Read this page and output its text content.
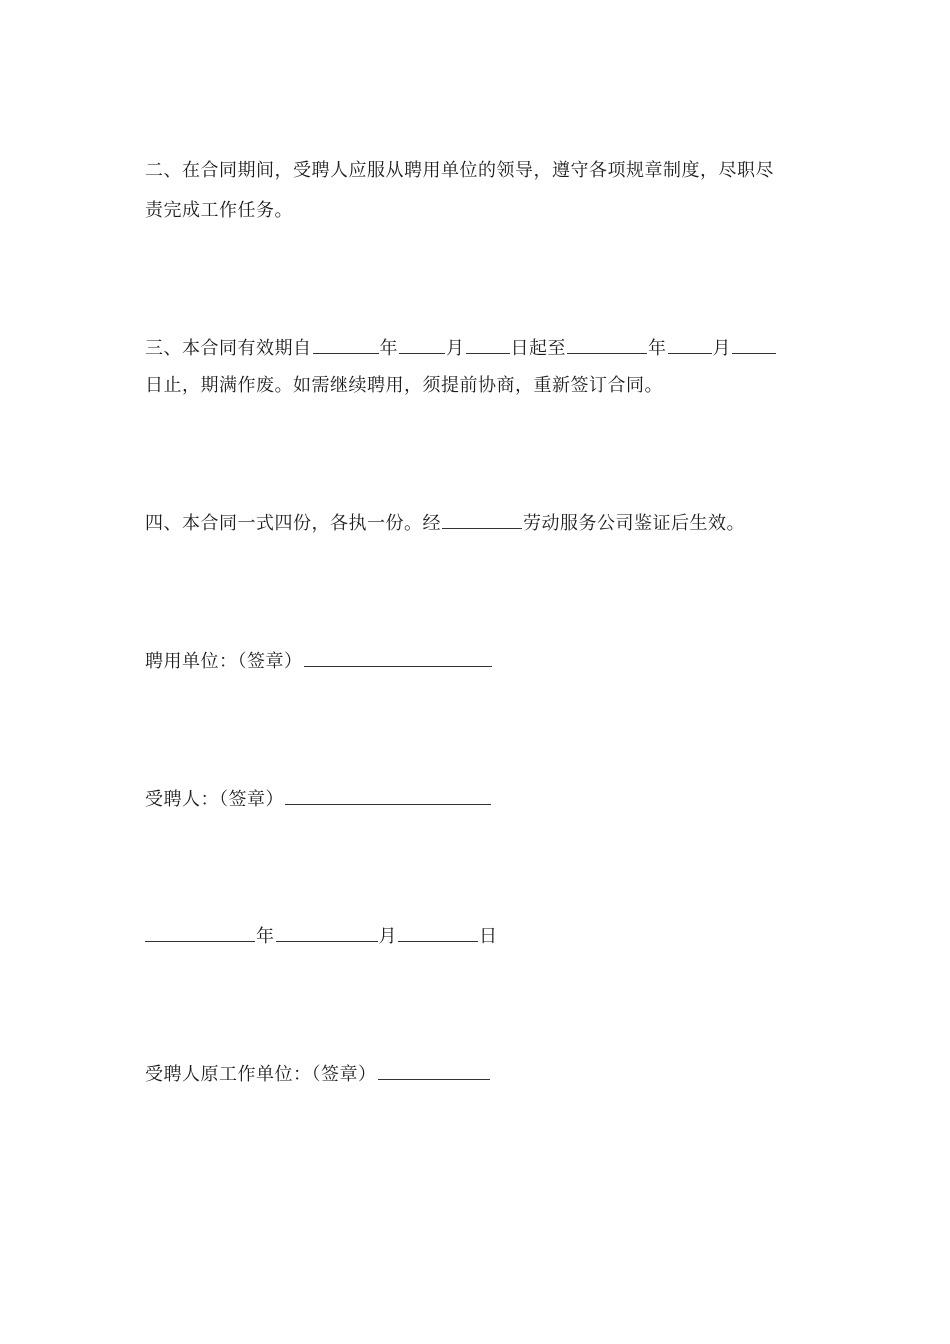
二、在合同期间，受聘人应服从聘用单位的领导，遵守各项规章制度，尽职尽
责完成工作任务。
三、本合同有效期自	年	月	日起至	年	月
日止，期满作废。如需继续聘用，须提前协商，重新签订合同。
四、本合同一式四份，各执一份。经	劳动服务公司鉴证后生效。
聘用单位：（签章）
受聘人：（签章）
年	月	日
受聘人原工作单位：（签章）
